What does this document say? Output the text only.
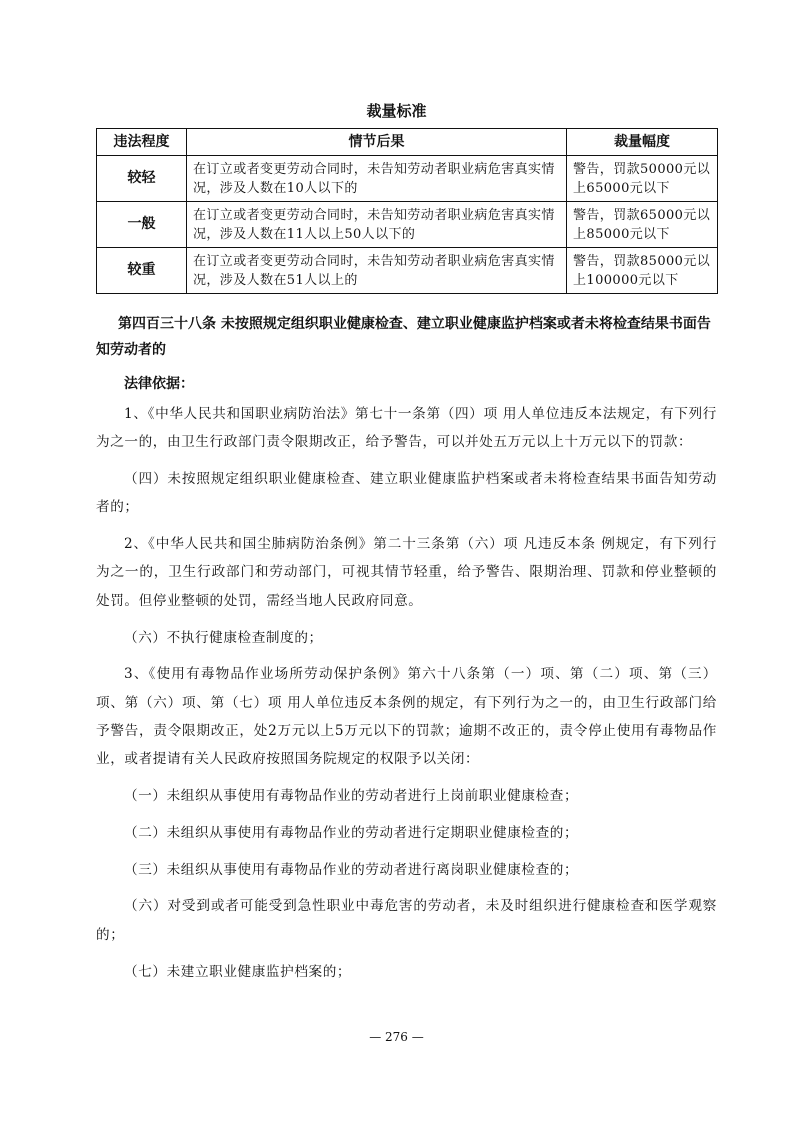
裁量标准
违法程度	情节后果	裁量幅度
较轻	在订立或者变更劳动合同时，未告知劳动者职业病危害真实情况，涉及人数在10人以下的	警告，罚款50000元以上65000元以下
一般	在订立或者变更劳动合同时，未告知劳动者职业病危害真实情况，涉及人数在11人以上50人以下的	警告，罚款65000元以上85000元以下
较重	在订立或者变更劳动合同时，未告知劳动者职业病危害真实情况，涉及人数在51人以上的	警告，罚款85000元以上100000元以下
第四百三十八条 未按照规定组织职业健康检查、建立职业健康监护档案或者未将检查结果书面告知劳动者的
法律依据：

1、《中华人民共和国职业病防治法》第七十一条第（四）项 用人单位违反本法规定，有下列行为之一的，由卫生行政部门责令限期改正，给予警告，可以并处五万元以上十万元以下的罚款：

（四）未按照规定组织职业健康检查、建立职业健康监护档案或者未将检查结果书面告知劳动者的；

2、《中华人民共和国尘肺病防治条例》第二十三条第（六）项 凡违反本条 例规定，有下列行为之一的，卫生行政部门和劳动部门，可视其情节轻重，给予警告、限期治理、罚款和停业整顿的处罚。但停业整顿的处罚，需经当地人民政府同意。

（六）不执行健康检查制度的；

3、《使用有毒物品作业场所劳动保护条例》第六十八条第（一）项、第（二）项、第（三）项、第（六）项、第（七）项 用人单位违反本条例的规定，有下列行为之一的，由卫生行政部门给予警告，责令限期改正，处2万元以上5万元以下的罚款；逾期不改正的，责令停止使用有毒物品作业，或者提请有关人民政府按照国务院规定的权限予以关闭：

（一）未组织从事使用有毒物品作业的劳动者进行上岗前职业健康检查；

（二）未组织从事使用有毒物品作业的劳动者进行定期职业健康检查的；

（三）未组织从事使用有毒物品作业的劳动者进行离岗职业健康检查的；

（六）对受到或者可能受到急性职业中毒危害的劳动者，未及时组织进行健康检查和医学观察的；

（七）未建立职业健康监护档案的；

— 276 —
